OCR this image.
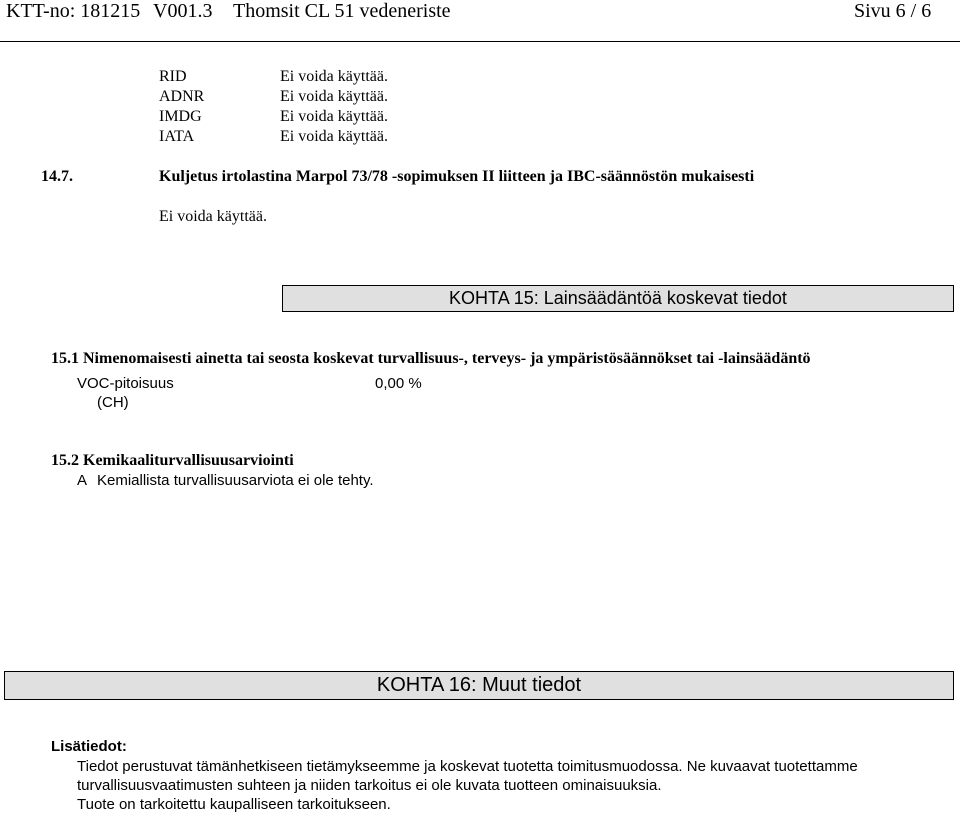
KTT-no: 181215 V001.3 Thomsit CL 51 vedeneriste	Sivu 6 / 6
RID	Ei voida käyttää.
ADNR	Ei voida käyttää.
IMDG	Ei voida käyttää.
IATA	Ei voida käyttää.
14.7.	Kuljetus irtolastina Marpol 73/78 -sopimuksen II liitteen ja IBC-säännöstön mukaisesti
Ei voida käyttää.
KOHTA 15: Lainsäädäntöä koskevat tiedot
15.1 Nimenomaisesti ainetta tai seosta koskevat turvallisuus-, terveys- ja ympäristösäännökset tai -lainsäädäntö
VOC-pitoisuus	0,00 %
(CH)
15.2 Kemikaaliturvallisuusarviointi
A Kemiallista turvallisuusarviota ei ole tehty.
KOHTA 16: Muut tiedot
Lisätiedot:
Tiedot perustuvat tämänhetkiseen tietämykseemme ja koskevat tuotetta toimitusmuodossa. Ne kuvaavat tuotettamme
turvallisuusvaatimusten suhteen ja niiden tarkoitus ei ole kuvata tuotteen ominaisuuksia.
Tuote on tarkoitettu kaupalliseen tarkoitukseen.
